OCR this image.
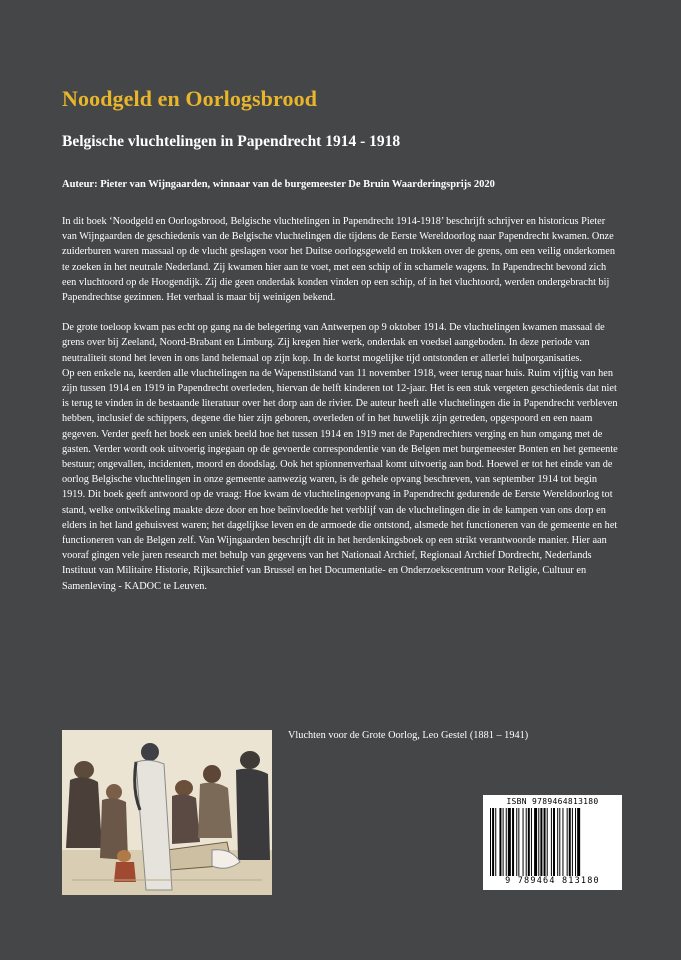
Noodgeld en Oorlogsbrood
Belgische vluchtelingen in Papendrecht 1914 - 1918

Auteur: Pieter van Wijngaarden, winnaar van de burgemeester De Bruin Waarderingsprijs 2020

In dit boek ‘Noodgeld en Oorlogsbrood, Belgische vluchtelingen in Papendrecht 1914-1918’ beschrijft schrijver en historicus Pieter van Wijngaarden de geschiedenis van de Belgische vluchtelingen die tijdens de Eerste Wereldoorlog naar Papendrecht kwamen. Onze zuiderburen waren massaal op de vlucht geslagen voor het Duitse oorlogsgeweld en trokken over de grens, om een veilig onderkomen te zoeken in het neutrale Nederland. Zij kwamen hier aan te voet, met een schip of in schamele wagens. In Papendrecht bevond zich een vluchtoord op de Hoogendijk. Zij die geen onderdak konden vinden op een schip, of in het vluchtoord, werden ondergebracht bij Papendrechtse gezinnen. Het verhaal is maar bij weinigen bekend.

De grote toeloop kwam pas echt op gang na de belegering van Antwerpen op 9 oktober 1914. De vluchtelingen kwamen massaal de grens over bij Zeeland, Noord-Brabant en Limburg. Zij kregen hier werk, onderdak en voedsel aangeboden. In deze periode van neutraliteit stond het leven in ons land helemaal op zijn kop. In de kortst mogelijke tijd ontstonden er allerlei hulporganisaties.

Op een enkele na, keerden alle vluchtelingen na de Wapenstilstand van 11 november 1918, weer terug naar huis. Ruim vijftig van hen zijn tussen 1914 en 1919 in Papendrecht overleden, hiervan de helft kinderen tot 12-jaar. Het is een stuk vergeten geschiedenis dat niet is terug te vinden in de bestaande literatuur over het dorp aan de rivier. De auteur heeft alle vluchtelingen die in Papendrecht verbleven hebben, inclusief de schippers, degene die hier zijn geboren, overleden of in het huwelijk zijn getreden, opgespoord en een naam gegeven. Verder geeft het boek een uniek beeld hoe het tussen 1914 en 1919 met de Papendrechters verging en hun omgang met de gasten. Verder wordt ook uitvoerig ingegaan op de gevoerde correspondentie van de Belgen met burgemeester Bonten en het gemeente bestuur; ongevallen, incidenten, moord en doodslag. Ook het spionnenverhaal komt uitvoerig aan bod. Hoewel er tot het einde van de oorlog Belgische vluchtelingen in onze gemeente aanwezig waren, is de gehele opvang beschreven, van september 1914 tot begin 1919. Dit boek geeft antwoord op de vraag: Hoe kwam de vluchtelingenopvang in Papendrecht gedurende de Eerste Wereldoorlog tot stand, welke ontwikkeling maakte deze door en hoe beïnvloedde het verblijf van de vluchtelingen die in de kampen van ons dorp en elders in het land gehuisvest waren; het dagelijkse leven en de armoede die ontstond, alsmede het functioneren van de gemeente en het functioneren van de Belgen zelf. Van Wijngaarden beschrijft dit in het herdenkingsboek op een strikt verantwoorde manier. Hier aan vooraf gingen vele jaren research met behulp van gegevens van het Nationaal Archief, Regionaal Archief Dordrecht, Nederlands Instituut van Militaire Historie, Rijksarchief van Brussel en het Documentatie- en Onderzoekscentrum voor Religie, Cultuur en Samenleving - KADOC te Leuven.

Vluchten voor de Grote Oorlog, Leo Gestel (1881 – 1941)

ISBN 9789464813180
9 789464 813180
